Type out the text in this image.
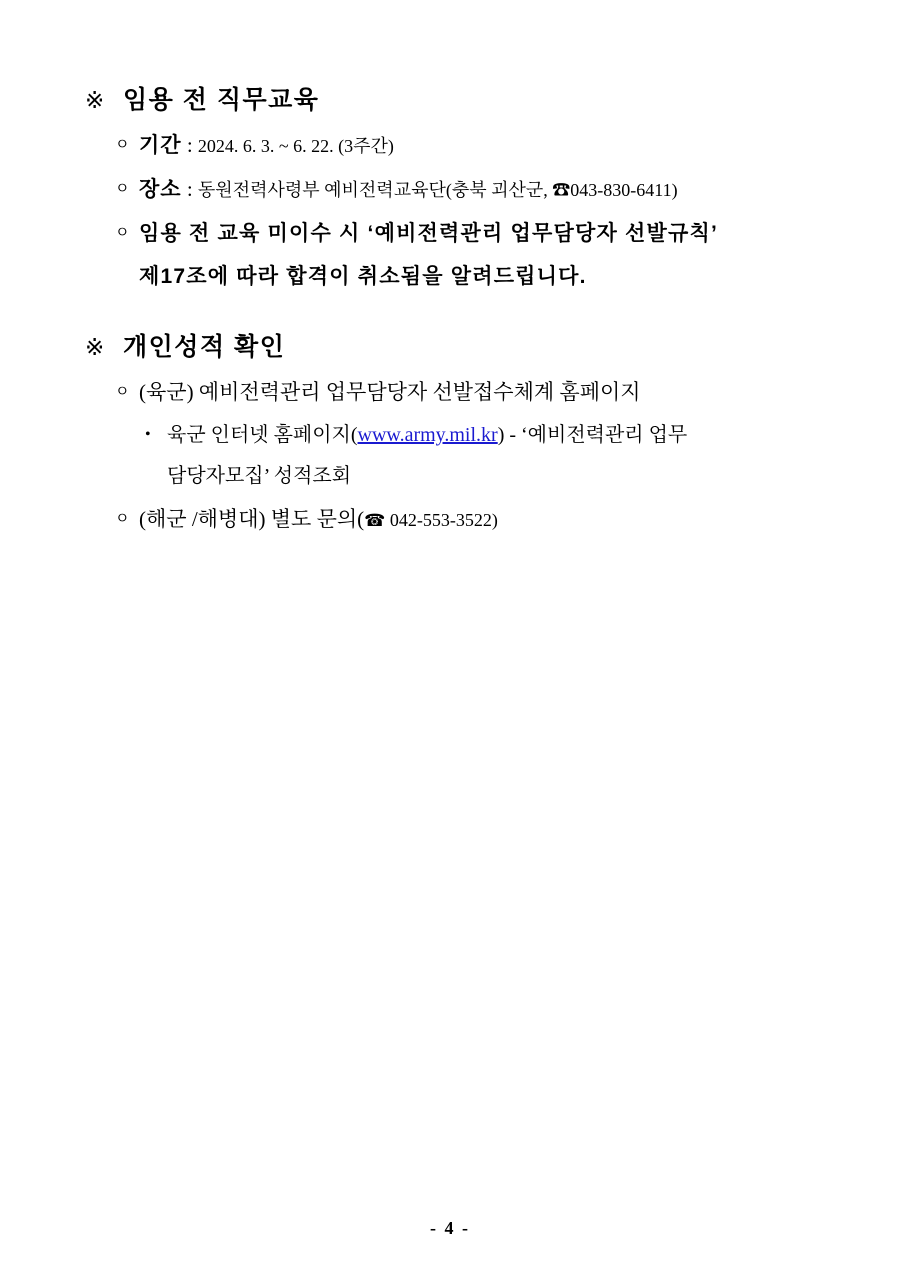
※ 임용 전 직무교육
ㅇ 기간 : 2024. 6. 3. ~ 6. 22. (3주간)
ㅇ 장소 : 동원전력사령부 예비전력교육단(충북 괴산군, ☎043-830-6411)
ㅇ 임용 전 교육 미이수 시 ‘예비전력관리 업무담당자 선발규칙’
제17조에 따라 합격이 취소됨을 알려드립니다.
※ 개인성적 확인
ㅇ (육군) 예비전력관리 업무담당자 선발접수체계 홈페이지
• 육군 인터넷 홈페이지(www.army.mil.kr) - ‘예비전력관리 업무
담당자모집’ 성적조회
ㅇ (해군 /해병대) 별도 문의(☎ 042-553-3522)
- 4 -
